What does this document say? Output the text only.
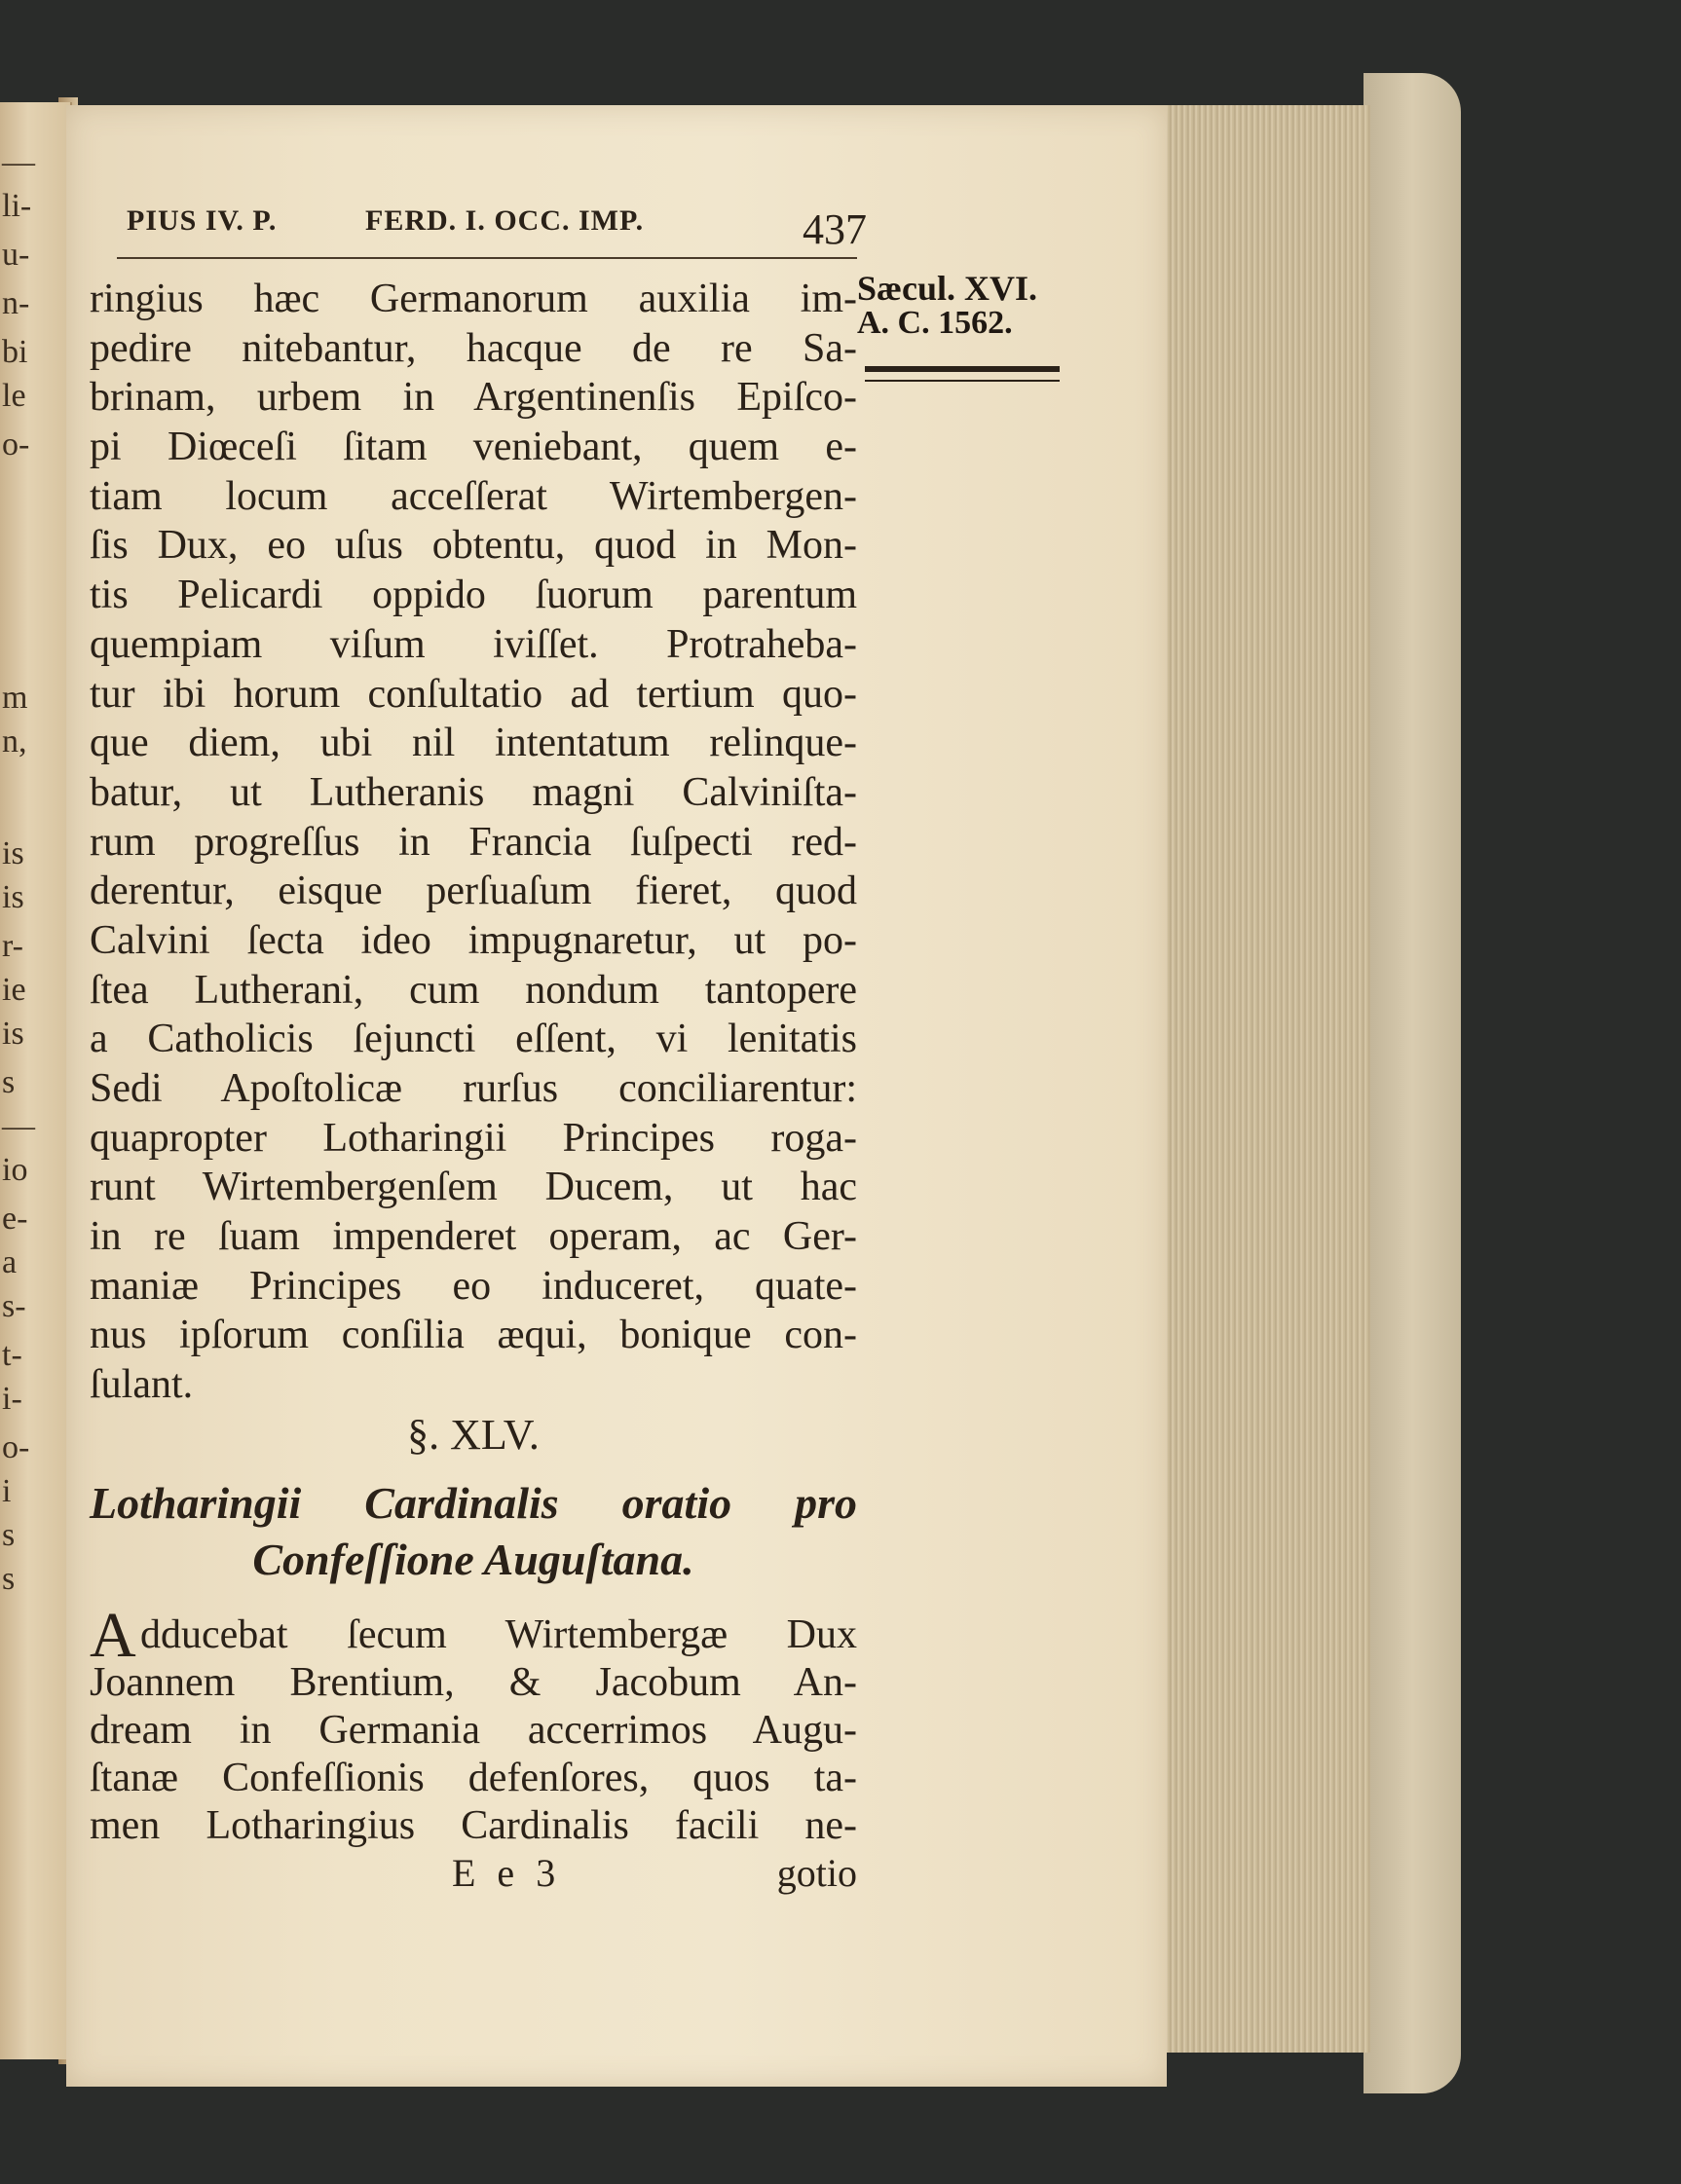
—
li-
u-
n-
bi
le
o-
m
n,
is
is
r-
ie
is
s
—
io
e-
a
s-
t-
i-
o-
i
s
s
PIUS IV. P.	FERD. I. OCC. IMP.	437
Sæcul. XVI.
A. C. 1562.
ringius hæc Germanorum auxilia im-
pedire nitebantur, hacque de re Sa-
brinam, urbem in Argentinenſis Epiſco-
pi Diœceſi ſitam veniebant, quem e-
tiam locum acceſſerat Wirtembergen-
ſis Dux, eo uſus obtentu, quod in Mon-
tis Pelicardi oppido ſuorum parentum
quempiam viſum iviſſet. Protraheba-
tur ibi horum conſultatio ad tertium quo-
que diem, ubi nil intentatum relinque-
batur, ut Lutheranis magni Calviniſta-
rum progreſſus in Francia ſuſpecti red-
derentur, eisque perſuaſum fieret, quod
Calvini ſecta ideo impugnaretur, ut po-
ſtea Lutherani, cum nondum tantopere
a Catholicis ſejuncti eſſent, vi lenitatis
Sedi Apoſtolicæ rurſus conciliarentur:
quapropter Lotharingii Principes roga-
runt Wirtembergenſem Ducem, ut hac
in re ſuam impenderet operam, ac Ger-
maniæ Principes eo induceret, quate-
nus ipſorum conſilia æqui, bonique con-
ſulant.
§. XLV.
Lotharingii Cardinalis oratio pro
Confeſſione Auguſtana.
A dducebat ſecum Wirtembergæ Dux
Joannem Brentium, & Jacobum An-
dream in Germania accerrimos Augu-
ſtanæ Confeſſionis defenſores, quos ta-
men Lotharingius Cardinalis facili ne-
E e 3	gotio
